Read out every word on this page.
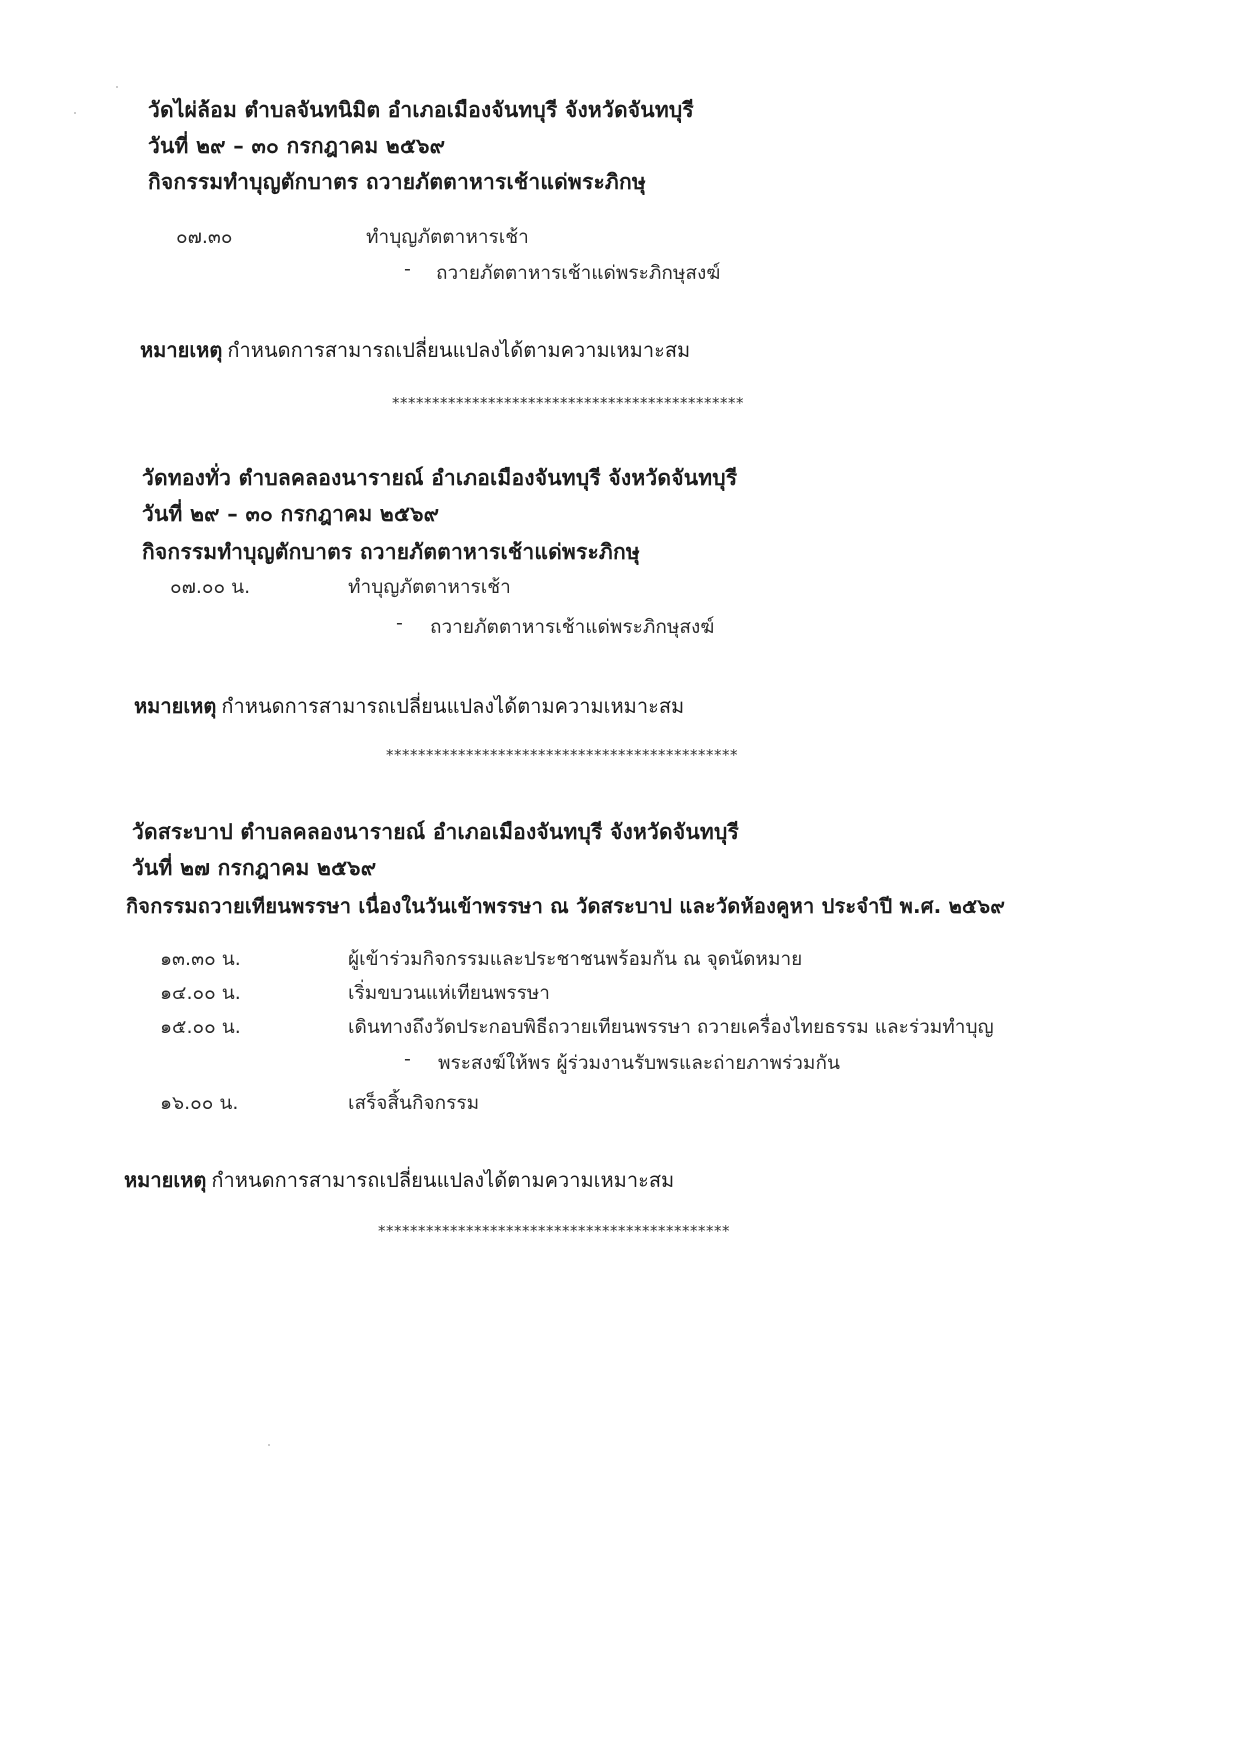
วัดไผ่ล้อม ตำบลจันทนิมิต อำเภอเมืองจันทบุรี จังหวัดจันทบุรี
วันที่ ๒๙ – ๓๐ กรกฎาคม ๒๕๖๙
กิจกรรมทำบุญตักบาตร ถวายภัตตาหารเช้าแด่พระภิกษุ
๐๗.๓๐	ทำบุญภัตตาหารเช้า
- ถวายภัตตาหารเช้าแด่พระภิกษุสงฆ์
หมายเหตุ กำหนดการสามารถเปลี่ยนแปลงได้ตามความเหมาะสม
********************************************
วัดทองทั่ว ตำบลคลองนารายณ์ อำเภอเมืองจันทบุรี จังหวัดจันทบุรี
วันที่ ๒๙ – ๓๐ กรกฎาคม ๒๕๖๙
กิจกรรมทำบุญตักบาตร ถวายภัตตาหารเช้าแด่พระภิกษุ
๐๗.๐๐ น.	ทำบุญภัตตาหารเช้า
- ถวายภัตตาหารเช้าแด่พระภิกษุสงฆ์
หมายเหตุ กำหนดการสามารถเปลี่ยนแปลงได้ตามความเหมาะสม
********************************************
วัดสระบาป ตำบลคลองนารายณ์ อำเภอเมืองจันทบุรี จังหวัดจันทบุรี
วันที่ ๒๗ กรกฎาคม ๒๕๖๙
กิจกรรมถวายเทียนพรรษา เนื่องในวันเข้าพรรษา ณ วัดสระบาป และวัดห้องคูหา ประจำปี พ.ศ. ๒๕๖๙
๑๓.๓๐ น.	ผู้เข้าร่วมกิจกรรมและประชาชนพร้อมกัน ณ จุดนัดหมาย
๑๔.๐๐ น.	เริ่มขบวนแห่เทียนพรรษา
๑๕.๐๐ น.	เดินทางถึงวัดประกอบพิธีถวายเทียนพรรษา ถวายเครื่องไทยธรรม และร่วมทำบุญ
- พระสงฆ์ให้พร ผู้ร่วมงานรับพรและถ่ายภาพร่วมกัน
๑๖.๐๐ น.	เสร็จสิ้นกิจกรรม
หมายเหตุ กำหนดการสามารถเปลี่ยนแปลงได้ตามความเหมาะสม
********************************************
